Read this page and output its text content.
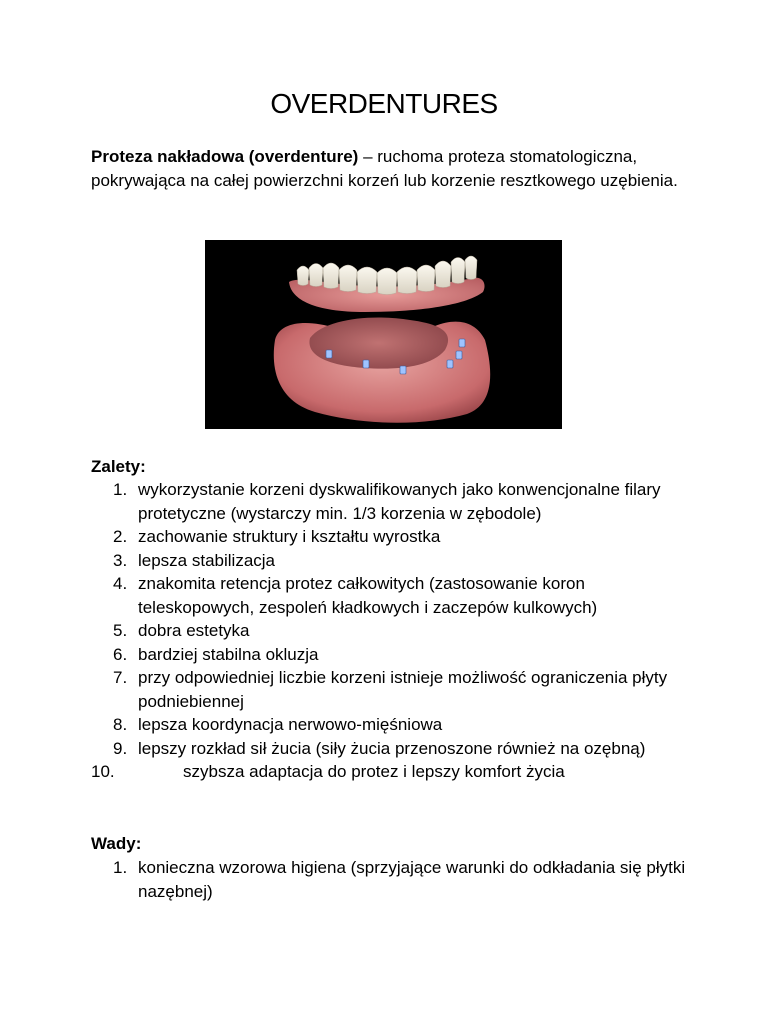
OVERDENTURES

Proteza nakładowa (overdenture) – ruchoma proteza stomatologiczna, pokrywająca na całej powierzchni korzeń lub korzenie resztkowego uzębienia.

Zalety:
1. wykorzystanie korzeni dyskwalifikowanych jako konwencjonalne filary protetyczne (wystarczy min. 1/3 korzenia w zębodole)
2. zachowanie struktury i kształtu wyrostka
3. lepsza stabilizacja
4. znakomita retencja protez całkowitych (zastosowanie koron teleskopowych, zespoleń kładkowych i zaczepów kulkowych)
5. dobra estetyka
6. bardziej stabilna okluzja
7. przy odpowiedniej liczbie korzeni istnieje możliwość ograniczenia płyty podniebiennej
8. lepsza koordynacja nerwowo-mięśniowa
9. lepszy rozkład sił żucia (siły żucia przenoszone również na ozębną)
10.	szybsza adaptacja do protez i lepszy komfort życia
Wady:
1. konieczna wzorowa higiena (sprzyjające warunki do odkładania się płytki nazębnej)
